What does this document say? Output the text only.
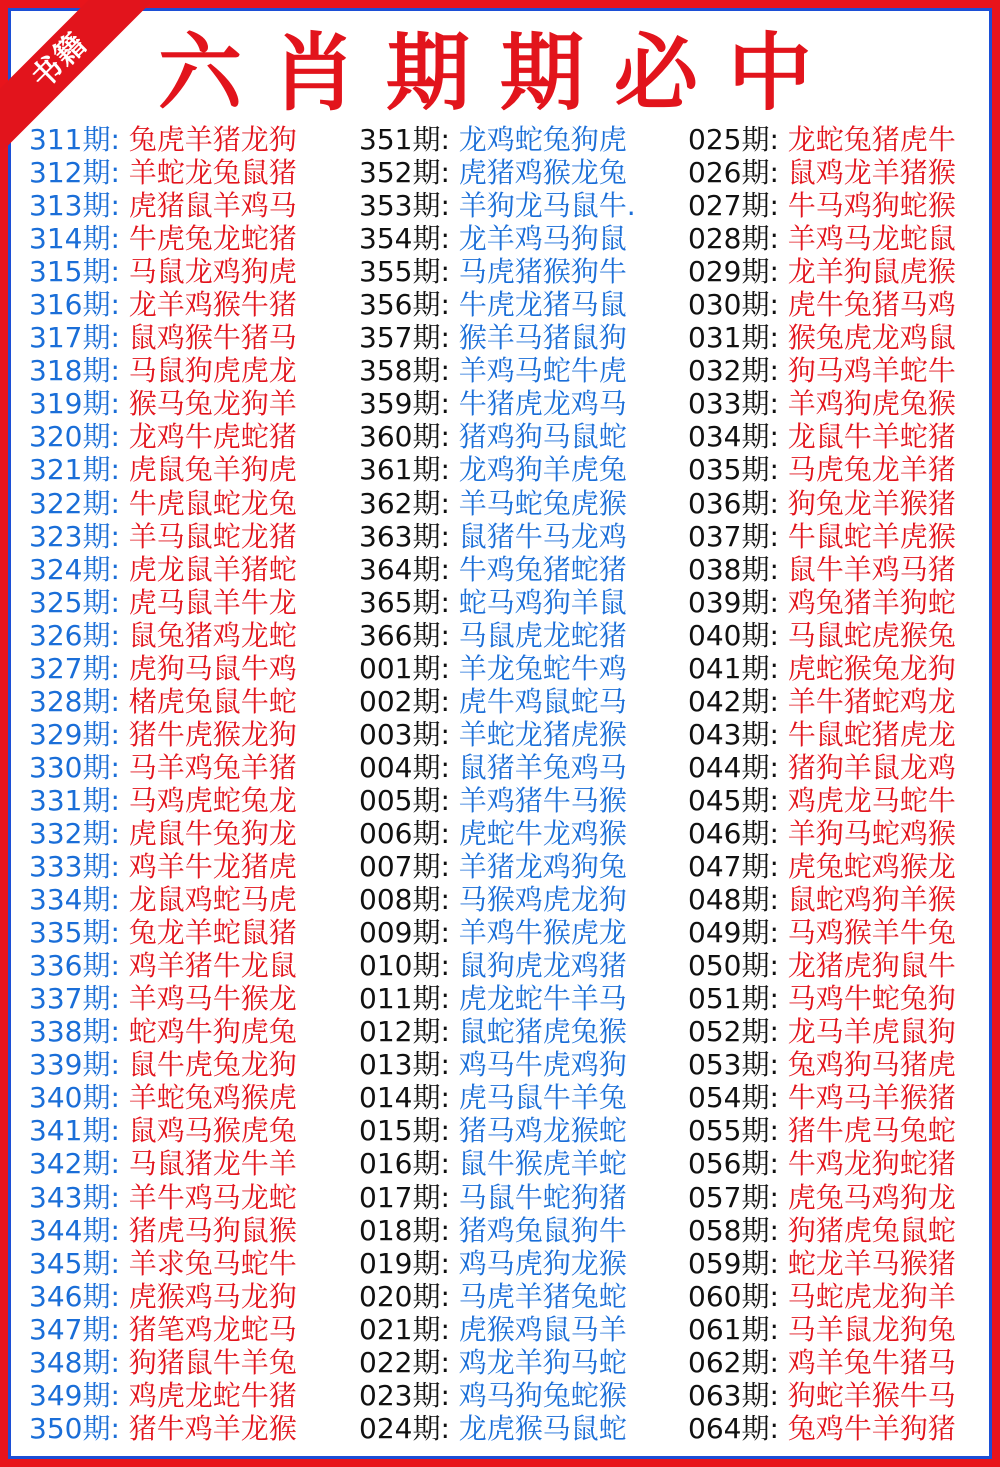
六肖期期必中
书籍
311期: 兔虎羊猪龙狗
312期: 羊蛇龙兔鼠猪
313期: 虎猪鼠羊鸡马
314期: 牛虎兔龙蛇猪
315期: 马鼠龙鸡狗虎
316期: 龙羊鸡猴牛猪
317期: 鼠鸡猴牛猪马
318期: 马鼠狗虎虎龙
319期: 猴马兔龙狗羊
320期: 龙鸡牛虎蛇猪
321期: 虎鼠兔羊狗虎
322期: 牛虎鼠蛇龙兔
323期: 羊马鼠蛇龙猪
324期: 虎龙鼠羊猪蛇
325期: 虎马鼠羊牛龙
326期: 鼠兔猪鸡龙蛇
327期: 虎狗马鼠牛鸡
328期: 楮虎兔鼠牛蛇
329期: 猪牛虎猴龙狗
330期: 马羊鸡兔羊猪
331期: 马鸡虎蛇兔龙
332期: 虎鼠牛兔狗龙
333期: 鸡羊牛龙猪虎
334期: 龙鼠鸡蛇马虎
335期: 兔龙羊蛇鼠猪
336期: 鸡羊猪牛龙鼠
337期: 羊鸡马牛猴龙
338期: 蛇鸡牛狗虎兔
339期: 鼠牛虎兔龙狗
340期: 羊蛇兔鸡猴虎
341期: 鼠鸡马猴虎兔
342期: 马鼠猪龙牛羊
343期: 羊牛鸡马龙蛇
344期: 猪虎马狗鼠猴
345期: 羊求兔马蛇牛
346期: 虎猴鸡马龙狗
347期: 猪笔鸡龙蛇马
348期: 狗猪鼠牛羊兔
349期: 鸡虎龙蛇牛猪
350期: 猪牛鸡羊龙猴
351期: 龙鸡蛇兔狗虎
352期: 虎猪鸡猴龙兔
353期: 羊狗龙马鼠牛.
354期: 龙羊鸡马狗鼠
355期: 马虎猪猴狗牛
356期: 牛虎龙猪马鼠
357期: 猴羊马猪鼠狗
358期: 羊鸡马蛇牛虎
359期: 牛猪虎龙鸡马
360期: 猪鸡狗马鼠蛇
361期: 龙鸡狗羊虎兔
362期: 羊马蛇兔虎猴
363期: 鼠猪牛马龙鸡
364期: 牛鸡兔猪蛇猪
365期: 蛇马鸡狗羊鼠
366期: 马鼠虎龙蛇猪
001期: 羊龙兔蛇牛鸡
002期: 虎牛鸡鼠蛇马
003期: 羊蛇龙猪虎猴
004期: 鼠猪羊兔鸡马
005期: 羊鸡猪牛马猴
006期: 虎蛇牛龙鸡猴
007期: 羊猪龙鸡狗兔
008期: 马猴鸡虎龙狗
009期: 羊鸡牛猴虎龙
010期: 鼠狗虎龙鸡猪
011期: 虎龙蛇牛羊马
012期: 鼠蛇猪虎兔猴
013期: 鸡马牛虎鸡狗
014期: 虎马鼠牛羊兔
015期: 猪马鸡龙猴蛇
016期: 鼠牛猴虎羊蛇
017期: 马鼠牛蛇狗猪
018期: 猪鸡兔鼠狗牛
019期: 鸡马虎狗龙猴
020期: 马虎羊猪兔蛇
021期: 虎猴鸡鼠马羊
022期: 鸡龙羊狗马蛇
023期: 鸡马狗兔蛇猴
024期: 龙虎猴马鼠蛇
025期: 龙蛇兔猪虎牛
026期: 鼠鸡龙羊猪猴
027期: 牛马鸡狗蛇猴
028期: 羊鸡马龙蛇鼠
029期: 龙羊狗鼠虎猴
030期: 虎牛兔猪马鸡
031期: 猴兔虎龙鸡鼠
032期: 狗马鸡羊蛇牛
033期: 羊鸡狗虎兔猴
034期: 龙鼠牛羊蛇猪
035期: 马虎兔龙羊猪
036期: 狗兔龙羊猴猪
037期: 牛鼠蛇羊虎猴
038期: 鼠牛羊鸡马猪
039期: 鸡兔猪羊狗蛇
040期: 马鼠蛇虎猴兔
041期: 虎蛇猴兔龙狗
042期: 羊牛猪蛇鸡龙
043期: 牛鼠蛇猪虎龙
044期: 猪狗羊鼠龙鸡
045期: 鸡虎龙马蛇牛
046期: 羊狗马蛇鸡猴
047期: 虎兔蛇鸡猴龙
048期: 鼠蛇鸡狗羊猴
049期: 马鸡猴羊牛兔
050期: 龙猪虎狗鼠牛
051期: 马鸡牛蛇兔狗
052期: 龙马羊虎鼠狗
053期: 兔鸡狗马猪虎
054期: 牛鸡马羊猴猪
055期: 猪牛虎马兔蛇
056期: 牛鸡龙狗蛇猪
057期: 虎兔马鸡狗龙
058期: 狗猪虎兔鼠蛇
059期: 蛇龙羊马猴猪
060期: 马蛇虎龙狗羊
061期: 马羊鼠龙狗兔
062期: 鸡羊兔牛猪马
063期: 狗蛇羊猴牛马
064期: 兔鸡牛羊狗猪
